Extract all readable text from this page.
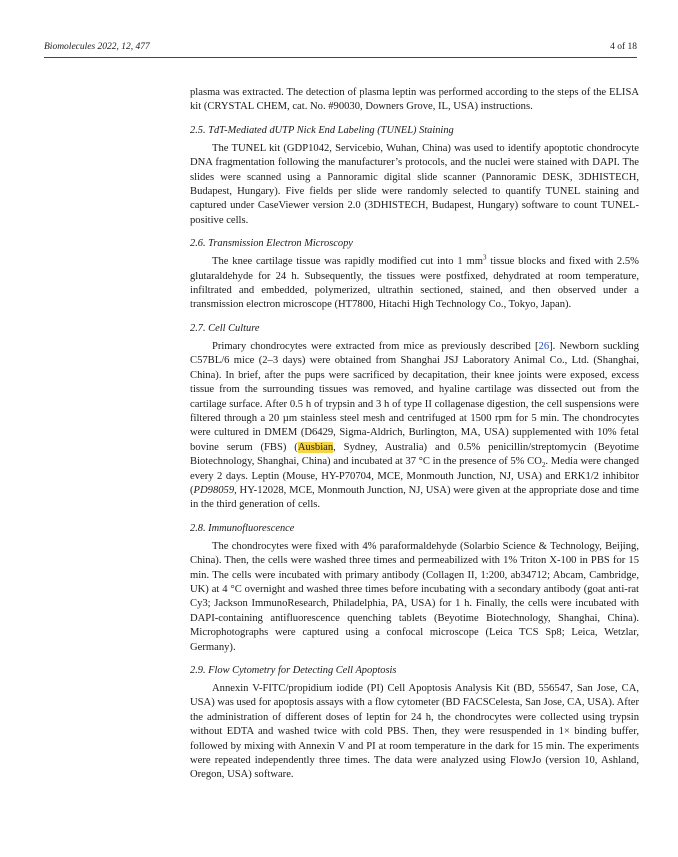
Biomolecules 2022, 12, 477	4 of 18

plasma was extracted. The detection of plasma leptin was performed according to the steps of the ELISA kit (CRYSTAL CHEM, cat. No. #90030, Downers Grove, IL, USA) instructions.

2.5. TdT-Mediated dUTP Nick End Labeling (TUNEL) Staining

The TUNEL kit (GDP1042, Servicebio, Wuhan, China) was used to identify apoptotic chondrocyte DNA fragmentation following the manufacturer’s protocols, and the nuclei were stained with DAPI. The slides were scanned using a Pannoramic digital slide scanner (Pannoramic DESK, 3DHISTECH, Budapest, Hungary). Five fields per slide were randomly selected to quantify TUNEL staining and captured under CaseViewer version 2.0 (3DHISTECH, Budapest, Hungary) software to count TUNEL-positive cells.

2.6. Transmission Electron Microscopy

The knee cartilage tissue was rapidly modified cut into 1 $mm^3$ tissue blocks and fixed with 2.5% glutaraldehyde for 24 h. Subsequently, the tissues were postfixed, dehydrated at room temperature, infiltrated and embedded, polymerized, ultrathin sectioned, stained, and then observed under a transmission electron microscope (HT7800, Hitachi High Technology Co., Tokyo, Japan).

2.7. Cell Culture

Primary chondrocytes were extracted from mice as previously described [26]. Newborn suckling C57BL/6 mice (2–3 days) were obtained from Shanghai JSJ Laboratory Animal Co., Ltd. (Shanghai, China). In brief, after the pups were sacrificed by decapitation, their knee joints were exposed, excess tissue from the surrounding tissues was removed, and hyaline cartilage was dissected out from the cartilage surface. After 0.5 h of trypsin and 3 h of type II collagenase digestion, the cell suspensions were filtered through a 20 µm stainless steel mesh and centrifuged at 1500 rpm for 5 min. The chondrocytes were cultured in DMEM (D6429, Sigma-Aldrich, Burlington, MA, USA) supplemented with 10% fetal bovine serum (FBS) (Ausbian, Sydney, Australia) and 0.5% penicillin/streptomycin (Beyotime Biotechnology, Shanghai, China) and incubated at 37 °C in the presence of 5% $CO_2$. Media were changed every 2 days. Leptin (Mouse, HY-P70704, MCE, Monmouth Junction, NJ, USA) and ERK1/2 inhibitor (PD98059, HY-12028, MCE, Monmouth Junction, NJ, USA) were given at the appropriate dose and time in the third generation of cells.

2.8. Immunofluorescence

The chondrocytes were fixed with 4% paraformaldehyde (Solarbio Science & Technology, Beijing, China). Then, the cells were washed three times and permeabilized with 1% Triton X-100 in PBS for 15 min. The cells were incubated with primary antibody (Collagen II, 1:200, ab34712; Abcam, Cambridge, UK) at 4 °C overnight and washed three times before incubating with a secondary antibody (goat anti-rat Cy3; Jackson ImmunoResearch, Philadelphia, PA, USA) for 1 h. Finally, the cells were incubated with DAPI-containing antifluorescence quenching tablets (Beyotime Biotechnology, Shanghai, China). Microphotographs were captured using a confocal microscope (Leica TCS Sp8; Leica, Wetzlar, Germany).

2.9. Flow Cytometry for Detecting Cell Apoptosis

Annexin V-FITC/propidium iodide (PI) Cell Apoptosis Analysis Kit (BD, 556547, San Jose, CA, USA) was used for apoptosis assays with a flow cytometer (BD FACSCelesta, San Jose, CA, USA). After the administration of different doses of leptin for 24 h, the chondrocytes were collected using trypsin without EDTA and washed twice with cold PBS. Then, they were resuspended in 1× binding buffer, followed by mixing with Annexin V and PI at room temperature in the dark for 15 min. The experiments were repeated independently three times. The data were analyzed using FlowJo (version 10, Ashland, Oregon, USA) software.
